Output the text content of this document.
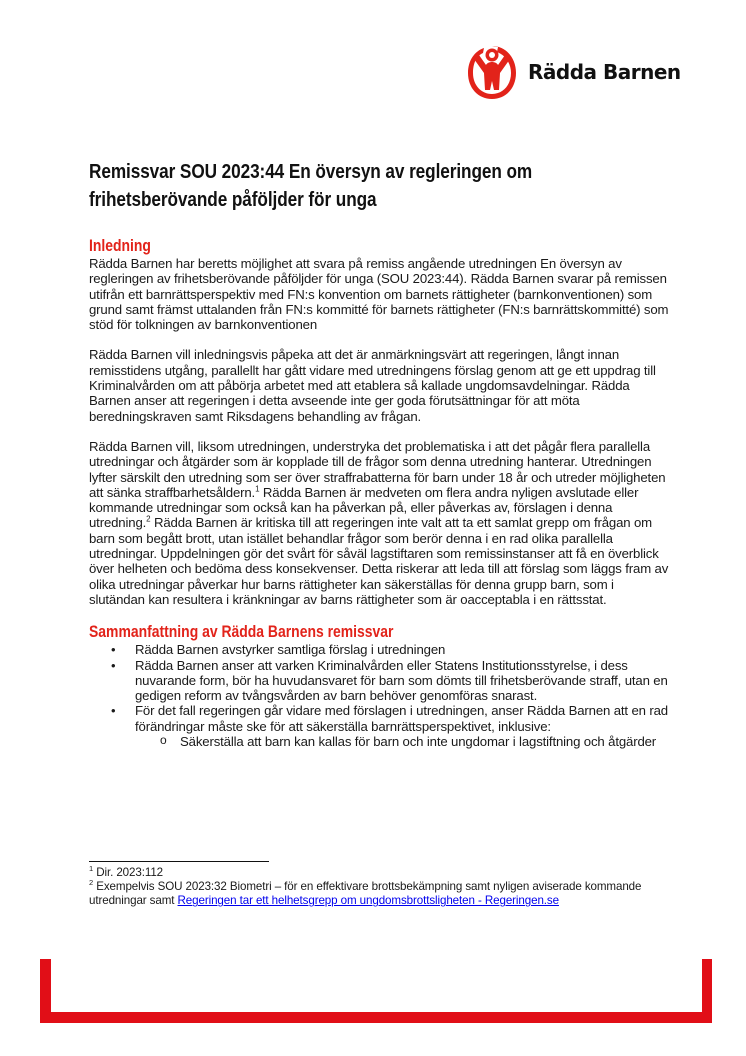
Rädda Barnen
Remissvar SOU 2023:44 En översyn av regleringen om frihetsberövande påföljder för unga
Inledning

Rädda Barnen har beretts möjlighet att svara på remiss angående utredningen En översyn av regleringen av frihetsberövande påföljder för unga (SOU 2023:44). Rädda Barnen svarar på remissen utifrån ett barnrättsperspektiv med FN:s konvention om barnets rättigheter (barnkonventionen) som grund samt främst uttalanden från FN:s kommitté för barnets rättigheter (FN:s barnrättskommitté) som stöd för tolkningen av barnkonventionen

Rädda Barnen vill inledningsvis påpeka att det är anmärkningsvärt att regeringen, långt innan remisstidens utgång, parallellt har gått vidare med utredningens förslag genom att ge ett uppdrag till Kriminalvården om att påbörja arbetet med att etablera så kallade ungdomsavdelningar. Rädda Barnen anser att regeringen i detta avseende inte ger goda förutsättningar för att möta beredningskraven samt Riksdagens behandling av frågan.

Rädda Barnen vill, liksom utredningen, understryka det problematiska i att det pågår flera parallella utredningar och åtgärder som är kopplade till de frågor som denna utredning hanterar. Utredningen lyfter särskilt den utredning som ser över straffrabatterna för barn under 18 år och utreder möjligheten att sänka straffbarhetsåldern.$^1$ Rädda Barnen är medveten om flera andra nyligen avslutade eller kommande utredningar som också kan ha påverkan på, eller påverkas av, förslagen i denna utredning.$^2$ Rädda Barnen är kritiska till att regeringen inte valt att ta ett samlat grepp om frågan om barn som begått brott, utan istället behandlar frågor som berör denna i en rad olika parallella utredningar. Uppdelningen gör det svårt för såväl lagstiftaren som remissinstanser att få en överblick över helheten och bedöma dess konsekvenser. Detta riskerar att leda till att förslag som läggs fram av olika utredningar påverkar hur barns rättigheter kan säkerställas för denna grupp barn, som i slutändan kan resultera i kränkningar av barns rättigheter som är oacceptabla i en rättsstat.

Sammanfattning av Rädda Barnens remissvar
• Rädda Barnen avstyrker samtliga förslag i utredningen
• Rädda Barnen anser att varken Kriminalvården eller Statens Institutionsstyrelse, i dess nuvarande form, bör ha huvudansvaret för barn som dömts till frihetsberövande straff, utan en gedigen reform av tvångsvården av barn behöver genomföras snarast.
• För det fall regeringen går vidare med förslagen i utredningen, anser Rädda Barnen att en rad förändringar måste ske för att säkerställa barnrättsperspektivet, inklusive:
o Säkerställa att barn kan kallas för barn och inte ungdomar i lagstiftning och åtgärder
$^1$ Dir. 2023:112
$^2$ Exempelvis SOU 2023:32 Biometri – för en effektivare brottsbekämpning samt nyligen aviserade kommande utredningar samt Regeringen tar ett helhetsgrepp om ungdomsbrottsligheten - Regeringen.se
